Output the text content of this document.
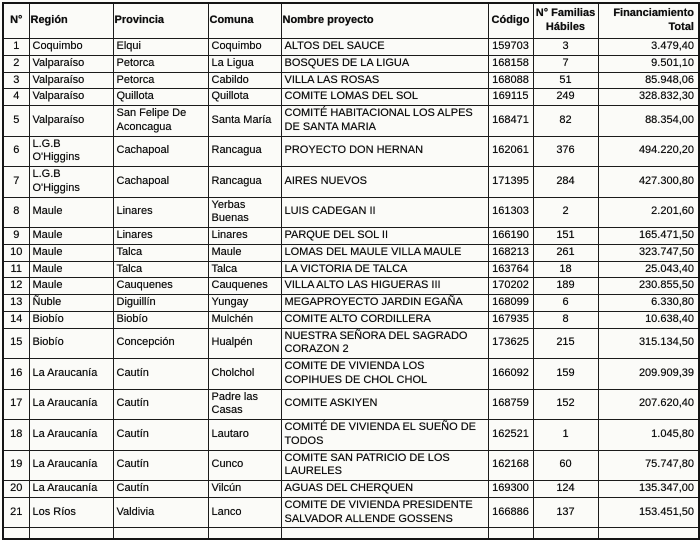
N°	Región	Provincia	Comuna	Nombre proyecto	Código	N° Familias Hábiles	Financiamiento Total
1	Coquimbo	Elqui	Coquimbo	ALTOS DEL SAUCE	159703	3	3.479,40
2	Valparaíso	Petorca	La Ligua	BOSQUES DE LA LIGUA	168158	7	9.501,10
3	Valparaíso	Petorca	Cabildo	VILLA LAS ROSAS	168088	51	85.948,06
4	Valparaíso	Quillota	Quillota	COMITE LOMAS DEL SOL	169115	249	328.832,30
5	Valparaíso	San Felipe De Aconcagua	Santa María	COMITÉ HABITACIONAL LOS ALPES DE SANTA MARIA	168471	82	88.354,00
6	L.G.B O'Higgins	Cachapoal	Rancagua	PROYECTO DON HERNAN	162061	376	494.220,20
7	L.G.B O'Higgins	Cachapoal	Rancagua	AIRES NUEVOS	171395	284	427.300,80
8	Maule	Linares	Yerbas Buenas	LUIS CADEGAN II	161303	2	2.201,60
9	Maule	Linares	Linares	PARQUE DEL SOL II	166190	151	165.471,50
10	Maule	Talca	Maule	LOMAS DEL MAULE VILLA MAULE	168213	261	323.747,50
11	Maule	Talca	Talca	LA VICTORIA DE TALCA	163764	18	25.043,40
12	Maule	Cauquenes	Cauquenes	VILLA ALTO LAS HIGUERAS III	170202	189	230.855,50
13	Ñuble	Diguillín	Yungay	MEGAPROYECTO JARDIN EGAÑA	168099	6	6.330,80
14	Biobío	Biobío	Mulchén	COMITE ALTO CORDILLERA	167935	8	10.638,40
15	Biobío	Concepción	Hualpén	NUESTRA SEÑORA DEL SAGRADO CORAZON 2	173625	215	315.134,50
16	La Araucanía	Cautín	Cholchol	COMITE DE VIVIENDA LOS COPIHUES DE CHOL CHOL	166092	159	209.909,39
17	La Araucanía	Cautín	Padre las Casas	COMITE ASKIYEN	168759	152	207.620,40
18	La Araucanía	Cautín	Lautaro	COMITÉ DE VIVIENDA EL SUEÑO DE TODOS	162521	1	1.045,80
19	La Araucanía	Cautín	Cunco	COMITE SAN PATRICIO DE LOS LAURELES	162168	60	75.747,80
20	La Araucanía	Cautín	Vilcún	AGUAS DEL CHERQUEN	169300	124	135.347,00
21	Los Ríos	Valdivia	Lanco	COMITE DE VIVIENDA PRESIDENTE SALVADOR ALLENDE GOSSENS	166886	137	153.451,50
